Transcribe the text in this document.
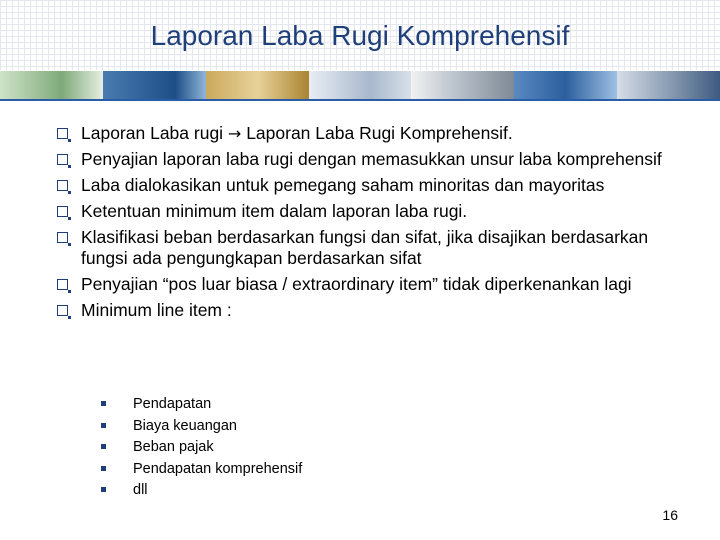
Laporan Laba Rugi Komprehensif
Laporan Laba rugi → Laporan Laba Rugi Komprehensif.
Penyajian laporan laba rugi dengan memasukkan unsur laba komprehensif
Laba dialokasikan untuk pemegang saham minoritas dan mayoritas
Ketentuan minimum item dalam laporan laba rugi.
Klasifikasi beban berdasarkan fungsi dan sifat, jika disajikan berdasarkan fungsi ada pengungkapan berdasarkan sifat
Penyajian “pos luar biasa / extraordinary item” tidak diperkenankan lagi
Minimum line item :
Pendapatan
Biaya keuangan
Beban pajak
Pendapatan komprehensif
dll
16
